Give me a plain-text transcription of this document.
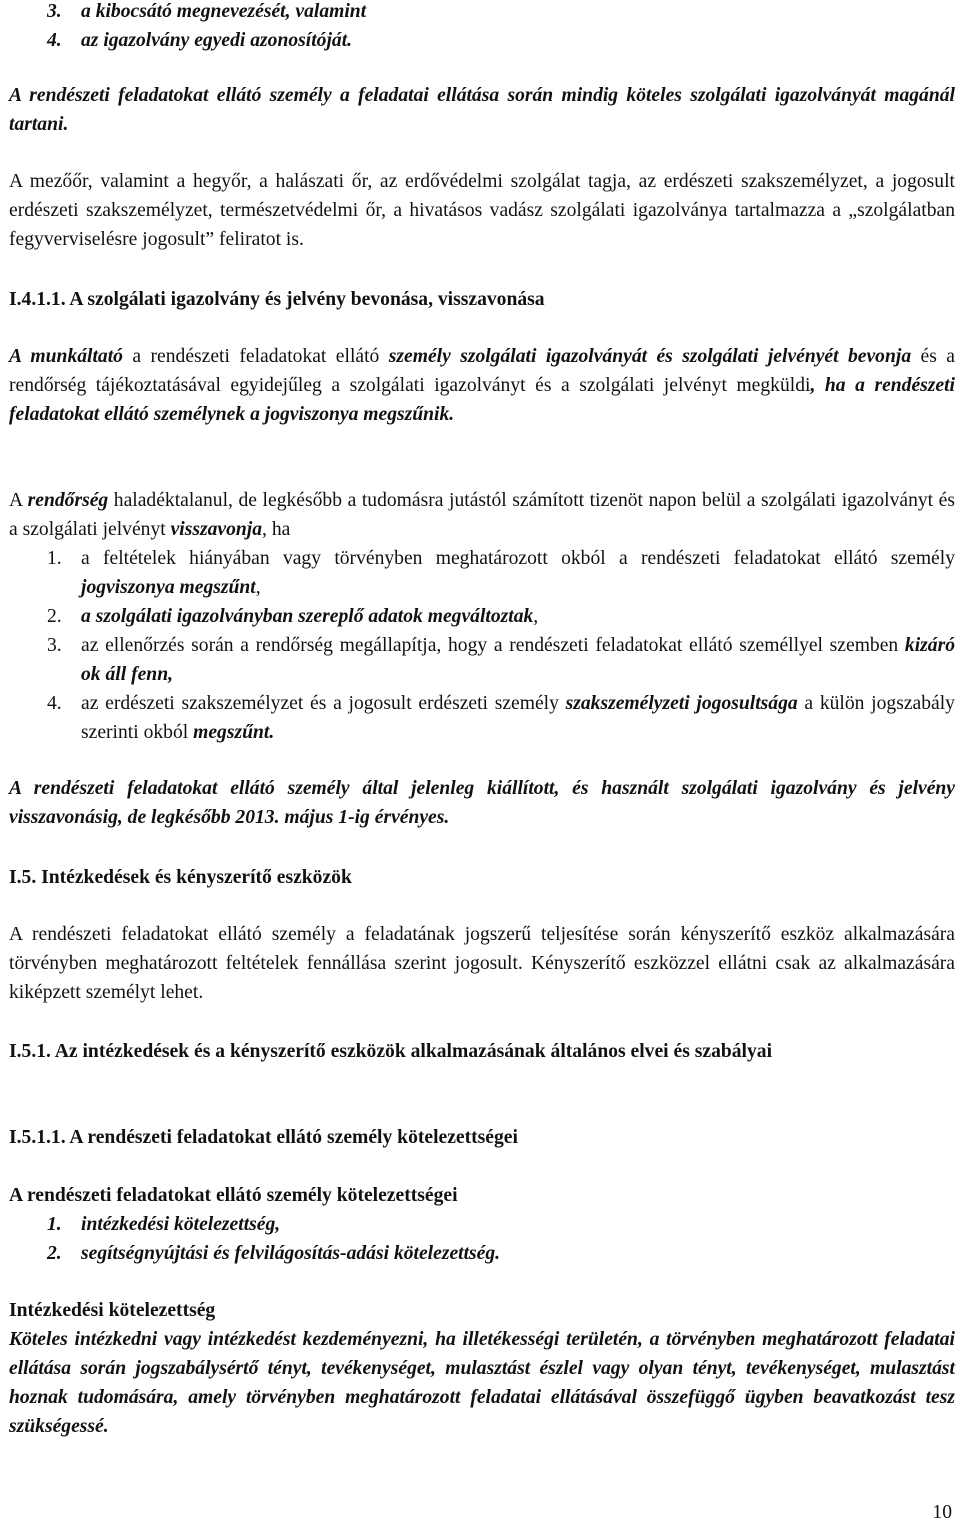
3. a kibocsátó megnevezését, valamint
4. az igazolvány egyedi azonosítóját.
A rendészeti feladatokat ellátó személy a feladatai ellátása során mindig köteles szolgálati igazolványát magánál tartani.
A mezőőr, valamint a hegyőr, a halászati őr, az erdővédelmi szolgálat tagja, az erdészeti szakszemélyzet, a jogosult erdészeti szakszemélyzet, természetvédelmi őr, a hivatásos vadász szolgálati igazolványa tartalmazza a „szolgálatban fegyverviselésre jogosult” feliratot is.
I.4.1.1. A szolgálati igazolvány és jelvény bevonása, visszavonása
A munkáltató a rendészeti feladatokat ellátó személy szolgálati igazolványát és szolgálati jelvényét bevonja és a rendőrség tájékoztatásával egyidejűleg a szolgálati igazolványt és a szolgálati jelvényt megküldi, ha a rendészeti feladatokat ellátó személynek a jogviszonya megszűnik.
A rendőrség haladéktalanul, de legkésőbb a tudomásra jutástól számított tizenöt napon belül a szolgálati igazolványt és a szolgálati jelvényt visszavonja, ha
1. a feltételek hiányában vagy törvényben meghatározott okból a rendészeti feladatokat ellátó személy jogviszonya megszűnt,
2. a szolgálati igazolványban szereplő adatok megváltoztak,
3. az ellenőrzés során a rendőrség megállapítja, hogy a rendészeti feladatokat ellátó személlyel szemben kizáró ok áll fenn,
4. az erdészeti szakszemélyzet és a jogosult erdészeti személy szakszemélyzeti jogosultsága a külön jogszabály szerinti okból megszűnt.
A rendészeti feladatokat ellátó személy által jelenleg kiállított, és használt szolgálati igazolvány és jelvény visszavonásig, de legkésőbb 2013. május 1-ig érvényes.
I.5. Intézkedések és kényszerítő eszközök
A rendészeti feladatokat ellátó személy a feladatának jogszerű teljesítése során kényszerítő eszköz alkalmazására törvényben meghatározott feltételek fennállása szerint jogosult. Kényszerítő eszközzel ellátni csak az alkalmazására kiképzett személyt lehet.
I.5.1. Az intézkedések és a kényszerítő eszközök alkalmazásának általános elvei és szabályai
I.5.1.1. A rendészeti feladatokat ellátó személy kötelezettségei
A rendészeti feladatokat ellátó személy kötelezettségei
1. intézkedési kötelezettség,
2. segítségnyújtási és felvilágosítás-adási kötelezettség.
Intézkedési kötelezettség
Köteles intézkedni vagy intézkedést kezdeményezni, ha illetékességi területén, a törvényben meghatározott feladatai ellátása során jogszabálysértő tényt, tevékenységet, mulasztást észlel vagy olyan tényt, tevékenységet, mulasztást hoznak tudomására, amely törvényben meghatározott feladatai ellátásával összefüggő ügyben beavatkozást tesz szükségessé.
10
